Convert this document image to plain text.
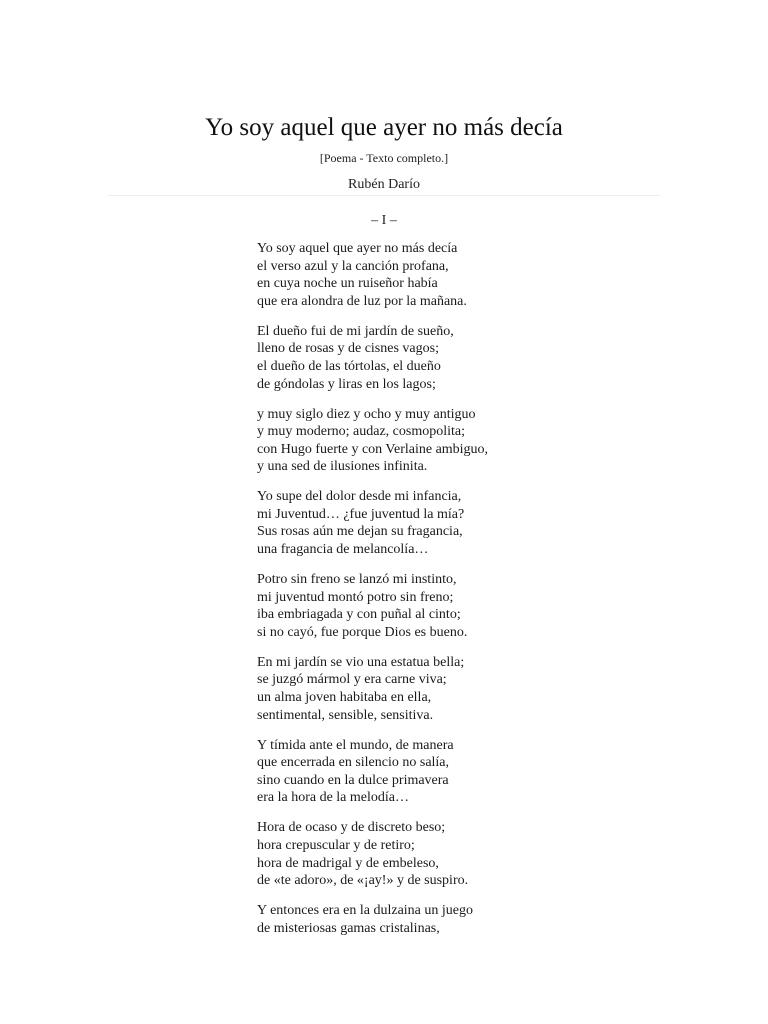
Yo soy aquel que ayer no más decía
[Poema - Texto completo.]
Rubén Darío
– I –
Yo soy aquel que ayer no más decía
el verso azul y la canción profana,
en cuya noche un ruiseñor había
que era alondra de luz por la mañana.
El dueño fui de mi jardín de sueño,
lleno de rosas y de cisnes vagos;
el dueño de las tórtolas, el dueño
de góndolas y liras en los lagos;
y muy siglo diez y ocho y muy antiguo
y muy moderno; audaz, cosmopolita;
con Hugo fuerte y con Verlaine ambiguo,
y una sed de ilusiones infinita.
Yo supe del dolor desde mi infancia,
mi Juventud… ¿fue juventud la mía?
Sus rosas aún me dejan su fragancia,
una fragancia de melancolía…
Potro sin freno se lanzó mi instinto,
mi juventud montó potro sin freno;
iba embriagada y con puñal al cinto;
si no cayó, fue porque Dios es bueno.
En mi jardín se vio una estatua bella;
se juzgó mármol y era carne viva;
un alma joven habitaba en ella,
sentimental, sensible, sensitiva.
Y tímida ante el mundo, de manera
que encerrada en silencio no salía,
sino cuando en la dulce primavera
era la hora de la melodía…
Hora de ocaso y de discreto beso;
hora crepuscular y de retiro;
hora de madrigal y de embeleso,
de «te adoro», de «¡ay!» y de suspiro.
Y entonces era en la dulzaina un juego
de misteriosas gamas cristalinas,
